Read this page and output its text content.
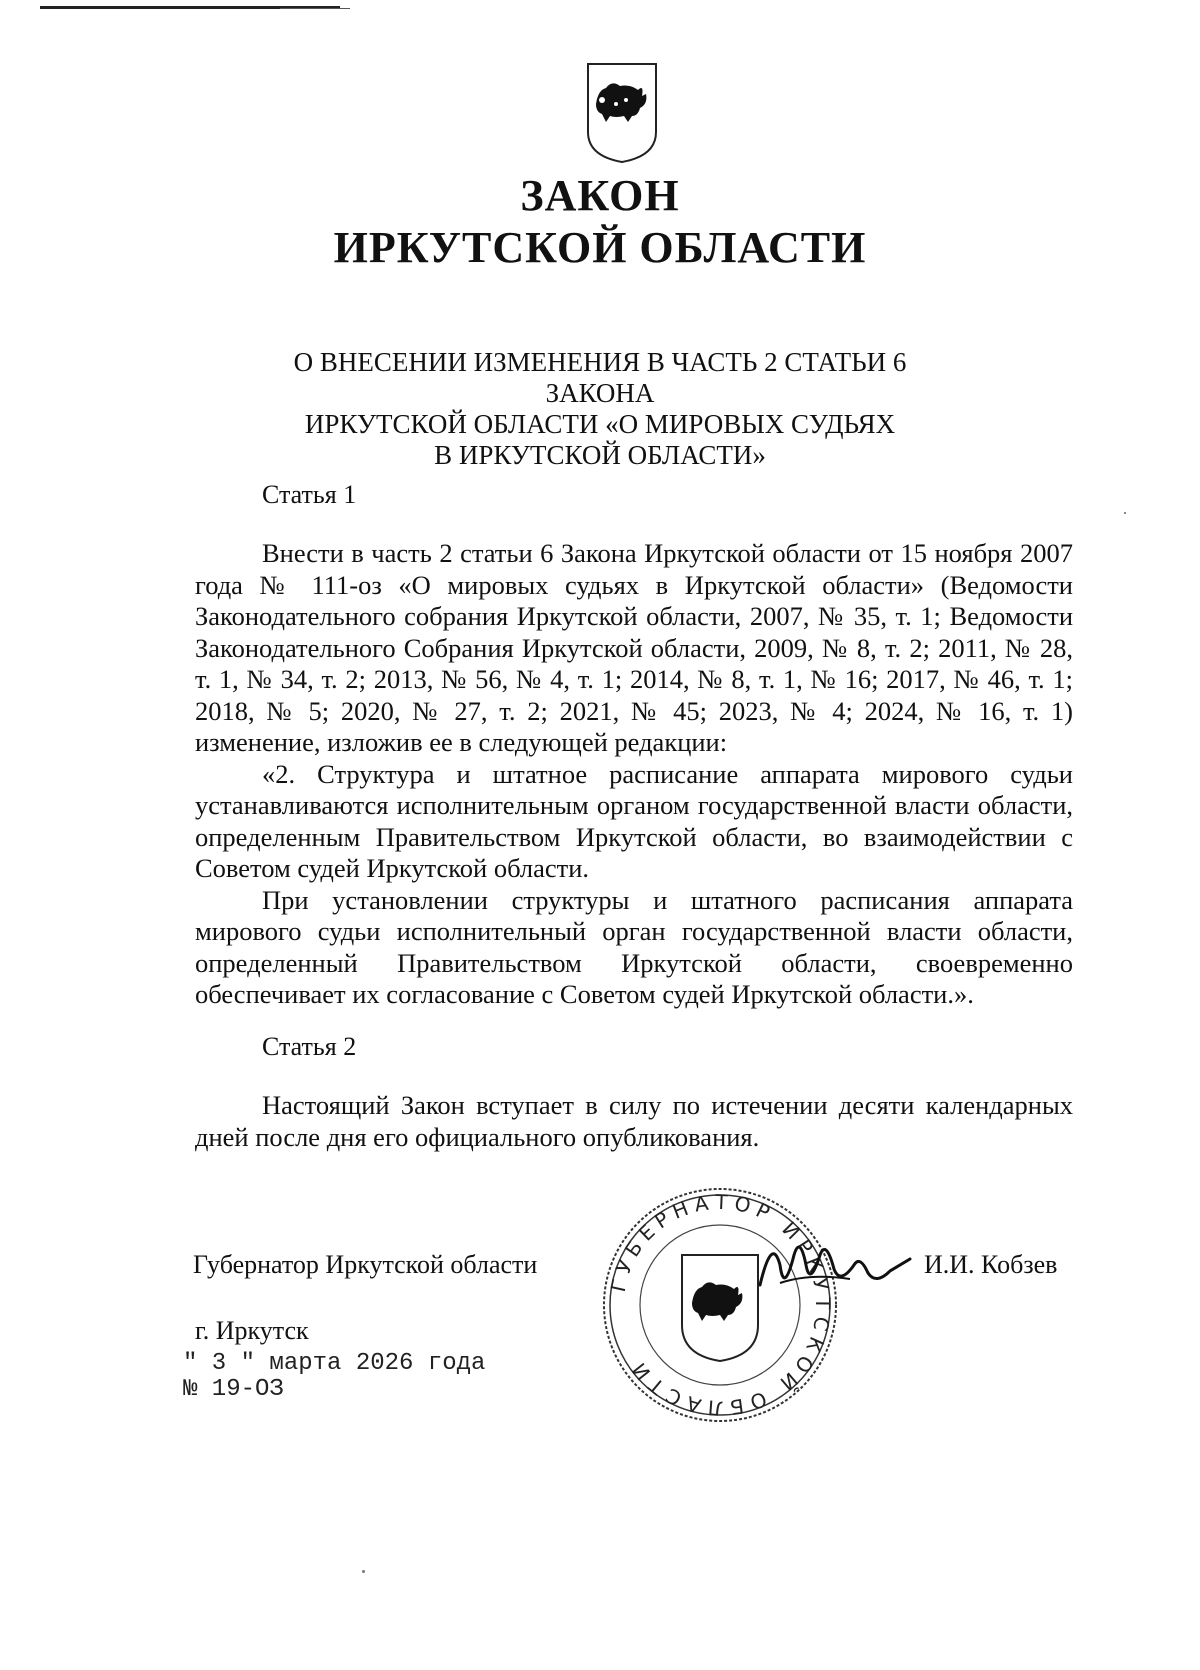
ЗАКОН
ИРКУТСКОЙ ОБЛАСТИ
О ВНЕСЕНИИ ИЗМЕНЕНИЯ В ЧАСТЬ 2 СТАТЬИ 6 ЗАКОНА
ИРКУТСКОЙ ОБЛАСТИ «О МИРОВЫХ СУДЬЯХ
В ИРКУТСКОЙ ОБЛАСТИ»
Статья 1

Внести в часть 2 статьи 6 Закона Иркутской области от 15 ноября 2007 года № 111-оз «О мировых судьях в Иркутской области» (Ведомости Законодательного собрания Иркутской области, 2007, № 35, т. 1; Ведомости Законодательного Собрания Иркутской области, 2009, № 8, т. 2; 2011, № 28, т. 1, № 34, т. 2; 2013, № 56, № 4, т. 1; 2014, № 8, т. 1, № 16; 2017, № 46, т. 1; 2018, № 5; 2020, № 27, т. 2; 2021, № 45; 2023, № 4; 2024, № 16, т. 1) изменение, изложив ее в следующей редакции:

«2. Структура и штатное расписание аппарата мирового судьи устанавливаются исполнительным органом государственной власти области, определенным Правительством Иркутской области, во взаимодействии с Советом судей Иркутской области.

При установлении структуры и штатного расписания аппарата мирового судьи исполнительный орган государственной власти области, определенный Правительством Иркутской области, своевременно обеспечивает их согласование с Советом судей Иркутской области.».

Статья 2

Настоящий Закон вступает в силу по истечении десяти календарных дней после дня его официального опубликования.

ГУБЕРНАТОР ИРКУТСКОЙ ОБЛАСТИ
Губернатор Иркутской области	И.И. Кобзев
г. Иркутск
" 3 " марта 2026 года
№ 19-ОЗ
